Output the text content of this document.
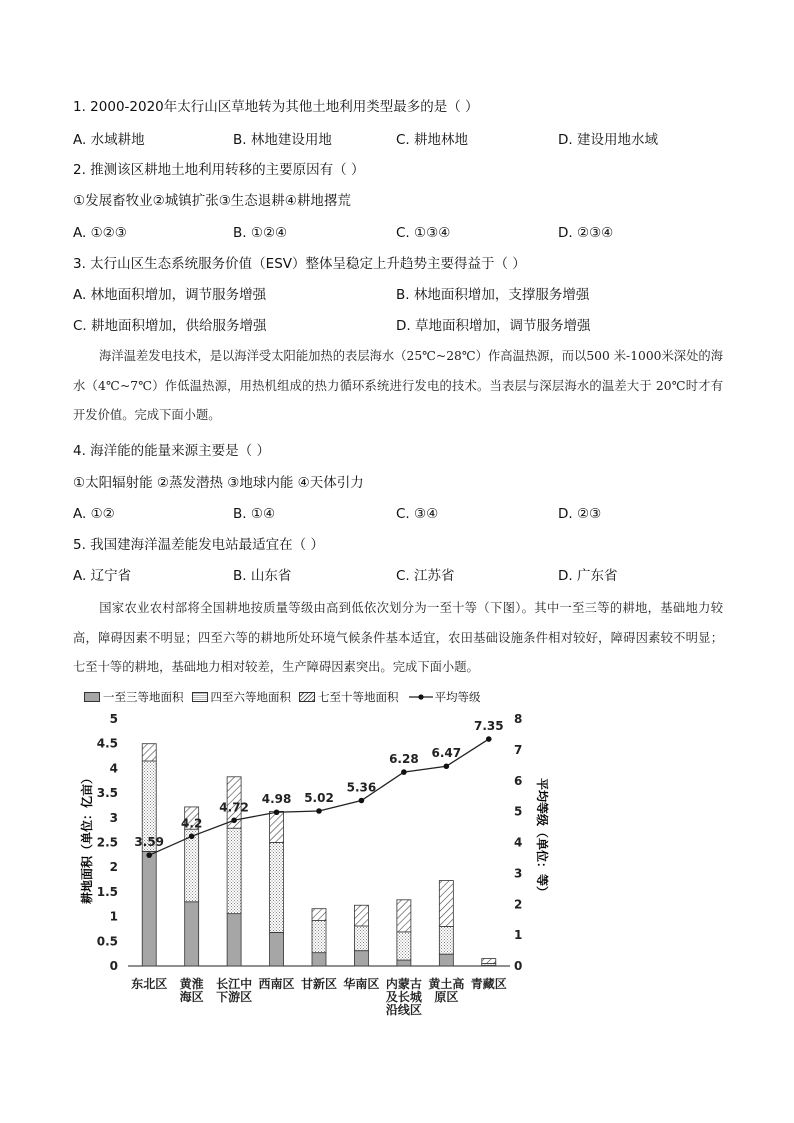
1. 2000-2020年太行山区草地转为其他土地利用类型最多的是（ ）
A. 水域耕地	B. 林地建设用地	C. 耕地林地	D. 建设用地水域
2. 推测该区耕地土地利用转移的主要原因有（ ）
①发展畜牧业②城镇扩张③生态退耕④耕地撂荒
A. ①②③	B. ①②④	C. ①③④	D. ②③④
3. 太行山区生态系统服务价值（ESV）整体呈稳定上升趋势主要得益于（ ）
A. 林地面积增加，调节服务增强	B. 林地面积增加，支撑服务增强
C. 耕地面积增加，供给服务增强	D. 草地面积增加，调节服务增强
海洋温差发电技术，是以海洋受太阳能加热的表层海水（25℃~28℃）作高温热源，而以500 米-1000米深处的海水（4℃~7℃）作低温热源，用热机组成的热力循环系统进行发电的技术。当表层与深层海水的温差大于 20℃时才有开发价值。完成下面小题。
4. 海洋能的能量来源主要是（ ）
①太阳辐射能 ②蒸发潜热 ③地球内能 ④天体引力
A. ①②	B. ①④	C. ③④	D. ②③
5. 我国建海洋温差能发电站最适宜在（ ）
A. 辽宁省	B. 山东省	C. 江苏省	D. 广东省
国家农业农村部将全国耕地按质量等级由高到低依次划分为一至十等（下图）。其中一至三等的耕地，基础地力较高，障碍因素不明显；四至六等的耕地所处环境气候条件基本适宜，农田基础设施条件相对较好，障碍因素较不明显；七至十等的耕地，基础地力相对较差，生产障碍因素突出。完成下面小题。
一至三等地面积 四至六等地面积 七至十等地面积	平均等级
0
0.5
1
1.5
2
2.5
3
3.5
4
4.5
5
0
1
2
3
4
5
6
7
8
东北区 黄淮
海区
长江中
下游区
西南区 甘新区 华南区 内蒙古
及长城
沿线区
黄土高
原区
青藏区
3.59
4.2
4.72
4.98 5.02
5.36
6.28 6.47
7.35
耕地面积（单位：亿亩）	平均等级（单位：等）
